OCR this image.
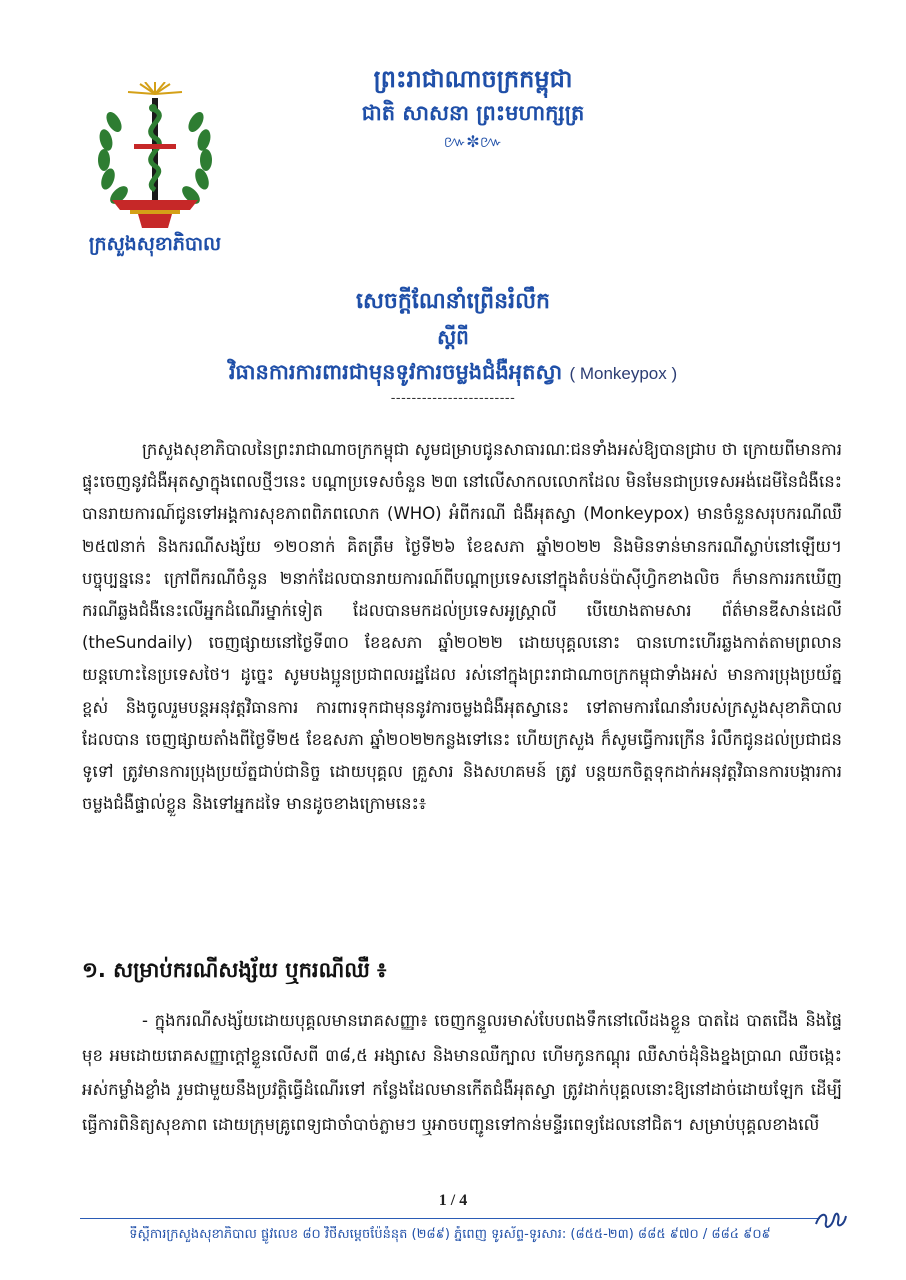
ក្រសួងសុខាភិបាល
ព្រះរាជាណាចក្រកម្ពុជា
ជាតិ សាសនា ព្រះមហាក្សត្រ
៚✼៚
សេចក្តីណែនាំព្រើនរំលឹក
ស្តីពី
វិធានការការពារជាមុនទូវការចម្លងជំងឺអុតស្វា ( Monkeypox )
------------------------
ក្រសួងសុខាភិបាលនៃព្រះរាជាណាចក្រកម្ពុជា សូមជម្រាបជូនសាធារណៈជនទាំងអស់ឱ្យបានជ្រាប ថា ក្រោយពីមានការផ្ទុះចេញនូវជំងឺអុតស្វាក្នុងពេលថ្មីៗនេះ បណ្តាប្រទេសចំនួន ២៣ នៅលើសាកលលោកដែល មិនមែនជាប្រទេសអង់ដេមីនៃជំងឺនេះ បានរាយការណ៍ជូនទៅអង្គការសុខភាពពិភពលោក (WHO) អំពីករណី ជំងឺអុតស្វា (Monkeypox) មានចំនួនសរុបករណីឈឺ ២៥៧នាក់ និងករណីសង្ស័យ ១២០នាក់ គិតត្រឹម ថ្ងៃទី២៦ ខែឧសភា ឆ្នាំ២០២២ និងមិនទាន់មានករណីស្លាប់នៅឡើយ។ បច្ចុប្បន្ននេះ ក្រៅពីករណីចំនួន ២នាក់ដែលបានរាយការណ៍ពីបណ្តាប្រទេសនៅក្នុងតំបន់ប៉ាស៊ីហ្វិកខាងលិច ក៏មានការរកឃើញ ករណីឆ្លងជំងឺនេះលើអ្នកដំណើរម្នាក់ទៀត ដែលបានមកដល់ប្រទេសអូស្ត្រាលី បើយោងតាមសារ ព័ត៌មានឌីសាន់ដេលី (theSundaily) ចេញផ្សាយនៅថ្ងៃទី៣០ ខែឧសភា ឆ្នាំ២០២២ ដោយបុគ្គលនោះ បានហោះហើរឆ្លងកាត់តាមព្រលានយន្តហោះនៃប្រទេសថៃ។ ដូច្នេះ សូមបងប្អូនប្រជាពលរដ្ឋដែល រស់នៅក្នុងព្រះរាជាណាចក្រកម្ពុជាទាំងអស់ មានការប្រុងប្រយ័ត្នខ្ពស់ និងចូលរួមបន្តអនុវត្តវិធានការ ការពារទុកជាមុននូវការចម្លងជំងឺអុតស្វានេះ ទៅតាមការណែនាំរបស់ក្រសួងសុខាភិបាល ដែលបាន ចេញផ្សាយតាំងពីថ្ងៃទី២៥ ខែឧសភា ឆ្នាំ២០២២កន្លងទៅនេះ ហើយក្រសួង ក៏សូមធ្វើការក្រើន រំលឹកជូនដល់ប្រជាជនទូទៅ ត្រូវមានការប្រុងប្រយ័ត្នជាប់ជានិច្ច ដោយបុគ្គល គ្រួសារ និងសហគមន៍ ត្រូវ បន្តយកចិត្តទុកដាក់អនុវត្តវិធានការបង្ការការចម្លងជំងឺផ្ទាល់ខ្លួន និងទៅអ្នកដទៃ មានដូចខាងក្រោមនេះ៖
១. សម្រាប់ករណីសង្ស័យ ឬករណីឈឺ ៖
- ក្នុងករណីសង្ស័យដោយបុគ្គលមានរោគសញ្ញា៖ ចេញកន្ទួលរមាស់បែបពងទឹកនៅលើដងខ្លួន បាតដៃ បាតជើង និងផ្ទៃមុខ អមដោយរោគសញ្ញាក្តៅខ្លួនលើសពី ៣៨,៥ អង្សាសេ និងមានឈឺក្បាល ហើមកូនកណ្តុរ ឈឺសាច់ដុំនិងខ្នងប្រាណ ឈឺចង្កេះ អស់កម្លាំងខ្លាំង រួមជាមួយនឹងប្រវត្តិធ្វើដំណើរទៅ កន្លែងដែលមានកើតជំងឺអុតស្វា ត្រូវដាក់បុគ្គលនោះឱ្យនៅដាច់ដោយឡែក ដើម្បីធ្វើការពិនិត្យសុខភាព ដោយក្រុមគ្រូពេទ្យជាចាំបាច់ភ្លាមៗ ឬអាចបញ្ជូនទៅកាន់មន្ទីរពេទ្យដែលនៅជិត។ សម្រាប់បុគ្គលខាងលើ
1 / 4
ទីស្តីការក្រសួងសុខាភិបាល ផ្លូវលេខ ៨០ វិថីសម្តេចប៉ែនំនុត (២៨៩) ភ្នំពេញ ទូរស័ព្ទ-ទូរសារ: (៨៥៥-២៣) ៨៨៥ ៩៧០ / ៨៨៤ ៩០៩
